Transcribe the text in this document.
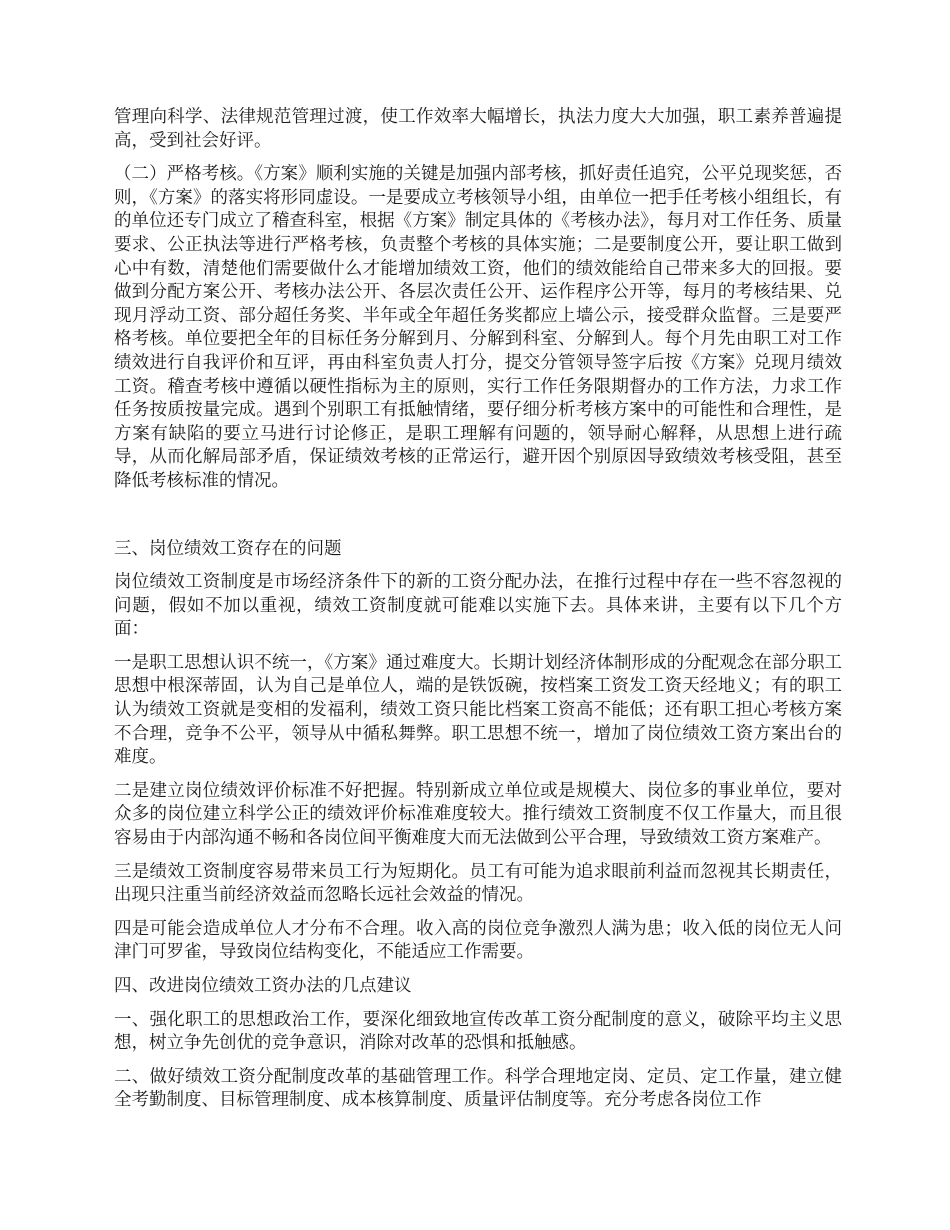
管理向科学、法律规范管理过渡，使工作效率大幅增长，执法力度大大加强，职工素养普遍提高，受到社会好评。

（二）严格考核。《方案》顺利实施的关键是加强内部考核，抓好责任追究，公平兑现奖惩，否则，《方案》的落实将形同虚设。一是要成立考核领导小组，由单位一把手任考核小组组长，有的单位还专门成立了稽查科室，根据《方案》制定具体的《考核办法》，每月对工作任务、质量要求、公正执法等进行严格考核，负责整个考核的具体实施；二是要制度公开，要让职工做到心中有数，清楚他们需要做什么才能增加绩效工资，他们的绩效能给自己带来多大的回报。要做到分配方案公开、考核办法公开、各层次责任公开、运作程序公开等，每月的考核结果、兑现月浮动工资、部分超任务奖、半年或全年超任务奖都应上墙公示，接受群众监督。三是要严格考核。单位要把全年的目标任务分解到月、分解到科室、分解到人。每个月先由职工对工作绩效进行自我评价和互评，再由科室负责人打分，提交分管领导签字后按《方案》兑现月绩效工资。稽查考核中遵循以硬性指标为主的原则，实行工作任务限期督办的工作方法，力求工作任务按质按量完成。遇到个别职工有抵触情绪，要仔细分析考核方案中的可能性和合理性，是方案有缺陷的要立马进行讨论修正，是职工理解有问题的，领导耐心解释，从思想上进行疏导，从而化解局部矛盾，保证绩效考核的正常运行，避开因个别原因导致绩效考核受阻，甚至降低考核标准的情况。

三、岗位绩效工资存在的问题

岗位绩效工资制度是市场经济条件下的新的工资分配办法，在推行过程中存在一些不容忽视的问题，假如不加以重视，绩效工资制度就可能难以实施下去。具体来讲，主要有以下几个方面：

一是职工思想认识不统一，《方案》通过难度大。长期计划经济体制形成的分配观念在部分职工思想中根深蒂固，认为自己是单位人，端的是铁饭碗，按档案工资发工资天经地义；有的职工认为绩效工资就是变相的发福利，绩效工资只能比档案工资高不能低；还有职工担心考核方案不合理，竞争不公平，领导从中循私舞弊。职工思想不统一，增加了岗位绩效工资方案出台的难度。

二是建立岗位绩效评价标准不好把握。特别新成立单位或是规模大、岗位多的事业单位，要对众多的岗位建立科学公正的绩效评价标准难度较大。推行绩效工资制度不仅工作量大，而且很容易由于内部沟通不畅和各岗位间平衡难度大而无法做到公平合理，导致绩效工资方案难产。

三是绩效工资制度容易带来员工行为短期化。员工有可能为追求眼前利益而忽视其长期责任，出现只注重当前经济效益而忽略长远社会效益的情况。

四是可能会造成单位人才分布不合理。收入高的岗位竞争激烈人满为患；收入低的岗位无人问津门可罗雀，导致岗位结构变化，不能适应工作需要。

四、改进岗位绩效工资办法的几点建议

一、强化职工的思想政治工作，要深化细致地宣传改革工资分配制度的意义，破除平均主义思想，树立争先创优的竞争意识，消除对改革的恐惧和抵触感。

二、做好绩效工资分配制度改革的基础管理工作。科学合理地定岗、定员、定工作量，建立健全考勤制度、目标管理制度、成本核算制度、质量评估制度等。充分考虑各岗位工作
